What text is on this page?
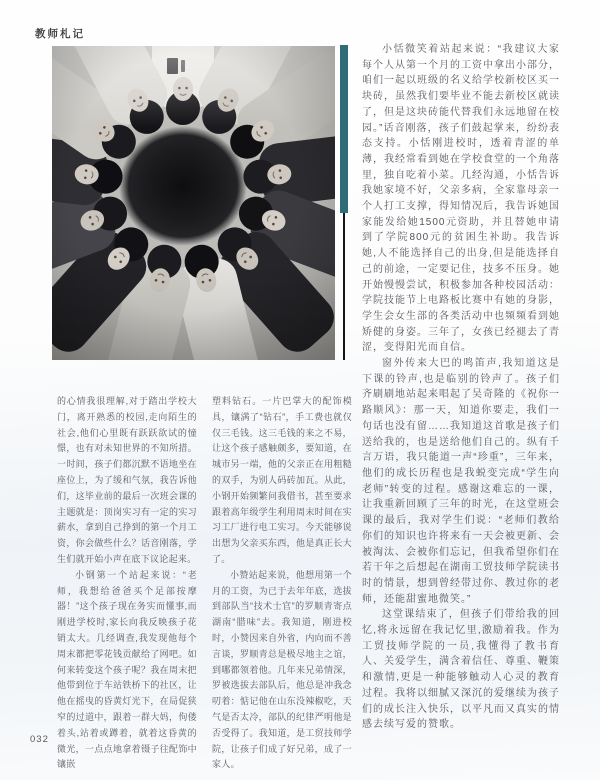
教师札记

的心情我很理解,对于踏出学校大门，离开熟悉的校园,走向陌生的社会,他们心里既有跃跃欲试的憧憬，也有对未知世界的不知所措。一时间，孩子们都沉默不语地坐在座位上，为了缓和气氛，我告诉他们，这毕业前的最后一次班会课的主题就是：顶岗实习有一定的实习薪水，拿到自己挣到的第一个月工资，你会做些什么？话音刚落，学生们就开始小声在底下议论起来。

小钢第一个站起来说：“老师，我想给爸爸买个足部按摩器！”这个孩子现在务实而懂事,而刚进学校时,家长向我反映孩子花销太大。几经调查,我发现他每个周末都把零花钱贡献给了网吧。如何来转变这个孩子呢？我在周末把他带到位于车站铁桥下的社区，让他在摇曳的昏黄灯光下，在局促狭窄的过道中，跟着一群大妈，佝偻着头,站着或蹲着，就着这昏黄的微光，一点点地拿着镊子往配饰中镶嵌

塑料钻石。一片巴掌大的配饰模具，镶满了“钻石”，手工费也就仅仅三毛钱。这三毛钱的来之不易，让这个孩子感触颇多，要知道，在城市另一端，他的父亲正在用粗糙的双手，为别人码砖加瓦。从此，小钢开始频繁问我借书，甚至要求跟着高年级学生利用周末时间在实习工厂进行电工实习。今天能够说出想为父亲买东西，他是真正长大了。

小赞站起来说，他想用第一个月的工资，为已于去年年底，选拔到部队当“技术士官”的罗顺青寄点湖南“腊味”去。我知道，刚进校时，小赞因来自外省，内向而不善言谈，罗顺青总是极尽地主之谊，到哪都领着他。几年来兄弟情深，罗被选拔去部队后，他总是冲我念叨着：惦记他在山东没辣椒吃，天气是否太冷，部队的纪律严明他是否受得了。我知道，是工贸技师学院，让孩子们成了好兄弟，成了一家人。

小恬微笑着站起来说：“我建议大家每个人从第一个月的工资中拿出小部分，咱们一起以班级的名义给学校新校区买一块砖，虽然我们要毕业不能去新校区就读了，但是这块砖能代替我们永远地留在校园。”话音刚落，孩子们鼓起掌来，纷纷表态支持。小恬刚进校时，透着青涩的单薄，我经常看到她在学校食堂的一个角落里，独自吃着小菜。几经沟通，小恬告诉我她家境不好，父亲多病，全家靠母亲一个人打工支撑，得知情况后，我告诉她国家能发给她1500元资助，并且替她申请到了学院800元的贫困生补助。我告诉她,人不能选择自己的出身,但是能选择自己的前途，一定要记住，技多不压身。她开始慢慢尝试，积极参加各种校园活动：学院技能节上电路板比赛中有她的身影，学生会女生部的各类活动中也频频看到她矫健的身姿。三年了，女孩已经褪去了青涩，变得阳光而自信。

窗外传来大巴的鸣笛声,我知道这是下课的铃声,也是临别的铃声了。孩子们齐刷刷地站起来唱起了吴奇隆的《祝你一路顺风》：那一天，知道你要走，我们一句话也没有留……我知道这首歌是孩子们送给我的，也是送给他们自己的。纵有千言万语，我只能道一声“珍重”，三年来，他们的成长历程也是我蜕变完成“学生向老师”转变的过程。感谢这难忘的一课，让我重新回顾了三年的时光，在这堂班会课的最后，我对学生们说：“老师们教给你们的知识也许将来有一天会被更新、会被淘汰、会被你们忘记，但我希望你们在若干年之后想起在湖南工贸技师学院读书时的情景，想到曾经带过你、教过你的老师，还能甜蜜地微笑。”

这堂课结束了，但孩子们带给我的回忆,将永远留在我记忆里,激励着我。作为工贸技师学院的一员,我懂得了教书育人、关爱学生，满含着信任、尊重、鞭策和激情,更是一种能够触动人心灵的教育过程。我将以细腻又深沉的爱继续为孩子们的成长注入快乐，以平凡而又真实的情感去续写爱的赞歌。

032
